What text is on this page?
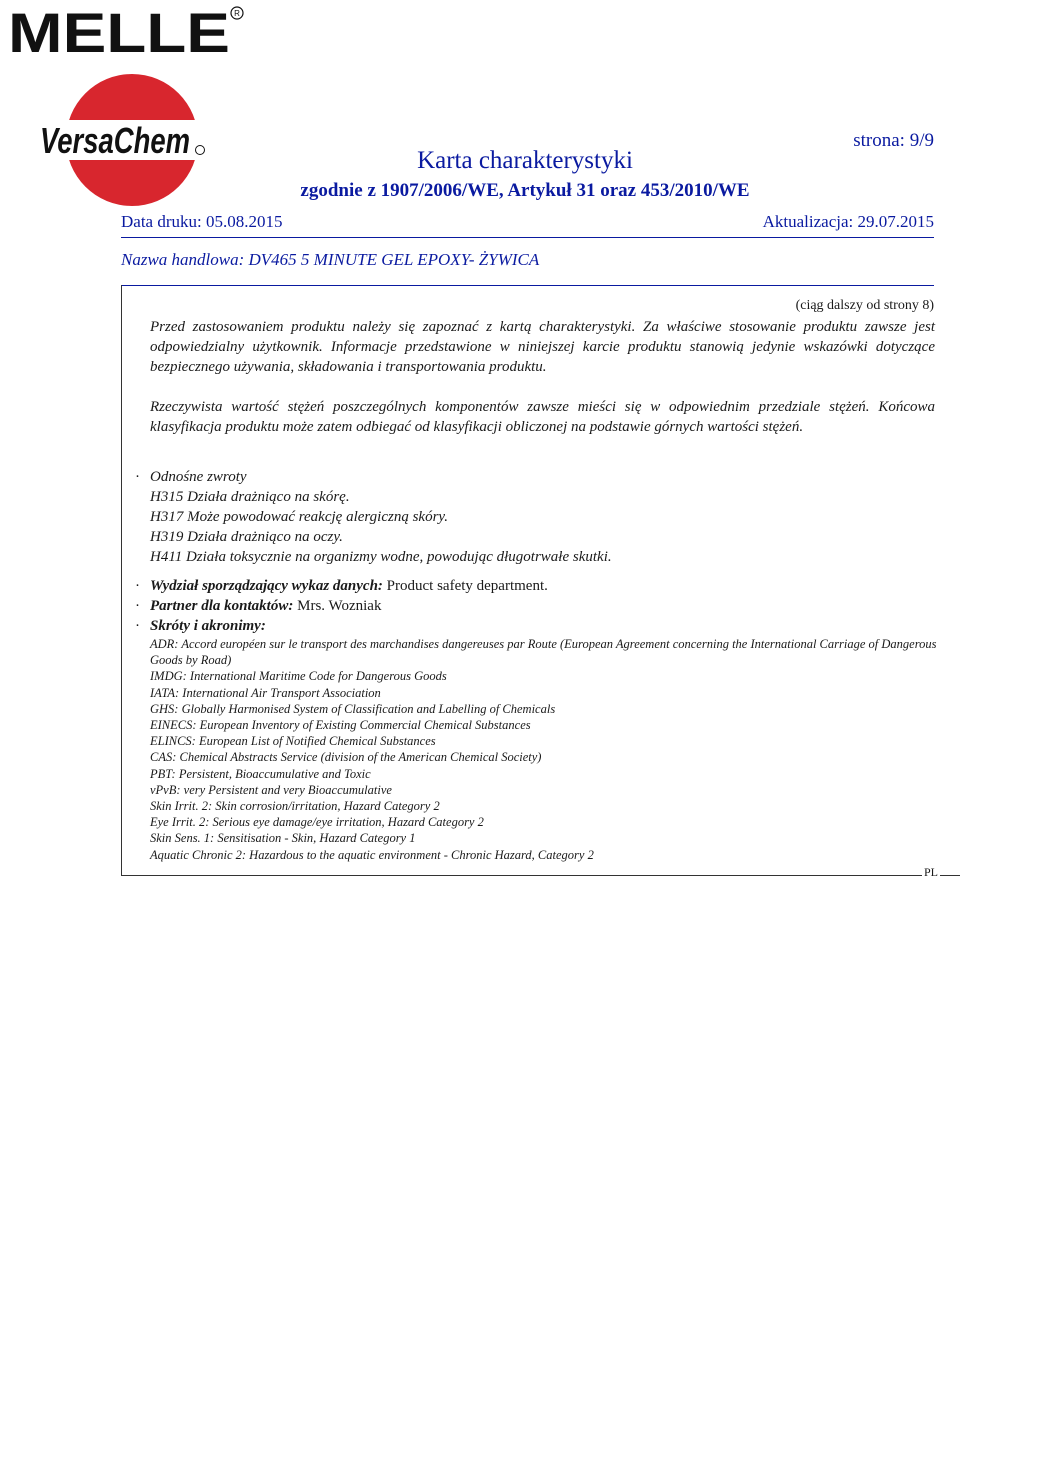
MELLE R
VersaChem	strona: 9/9
Karta charakterystyki
zgodnie z 1907/2006/WE, Artykuł 31 oraz 453/2010/WE
Data druku: 05.08.2015	Aktualizacja: 29.07.2015
Nazwa handlowa: DV465 5 MINUTE GEL EPOXY- ŻYWICA
(ciąg dalszy od strony 8)
Przed zastosowaniem produktu należy się zapoznać z kartą charakterystyki. Za właściwe stosowanie produktu zawsze jest odpowiedzialny użytkownik. Informacje przedstawione w niniejszej karcie produktu stanowią jedynie wskazówki dotyczące bezpiecznego używania, składowania i transportowania produktu.
Rzeczywista wartość stężeń poszczególnych komponentów zawsze mieści się w odpowiednim przedziale stężeń. Końcowa klasyfikacja produktu może zatem odbiegać od klasyfikacji obliczonej na podstawie górnych wartości stężeń.
· Odnośne zwroty
H315 Działa drażniąco na skórę.
H317 Może powodować reakcję alergiczną skóry.
H319 Działa drażniąco na oczy.
H411 Działa toksycznie na organizmy wodne, powodując długotrwałe skutki.
· Wydział sporządzający wykaz danych: Product safety department.
· Partner dla kontaktów: Mrs. Wozniak
· Skróty i akronimy:
ADR: Accord européen sur le transport des marchandises dangereuses par Route (European Agreement concerning the International Carriage of Dangerous Goods by Road)
IMDG: International Maritime Code for Dangerous Goods
IATA: International Air Transport Association
GHS: Globally Harmonised System of Classification and Labelling of Chemicals
EINECS: European Inventory of Existing Commercial Chemical Substances
ELINCS: European List of Notified Chemical Substances
CAS: Chemical Abstracts Service (division of the American Chemical Society)
PBT: Persistent, Bioaccumulative and Toxic
vPvB: very Persistent and very Bioaccumulative
Skin Irrit. 2: Skin corrosion/irritation, Hazard Category 2
Eye Irrit. 2: Serious eye damage/eye irritation, Hazard Category 2
Skin Sens. 1: Sensitisation - Skin, Hazard Category 1
Aquatic Chronic 2: Hazardous to the aquatic environment - Chronic Hazard, Category 2
PL
